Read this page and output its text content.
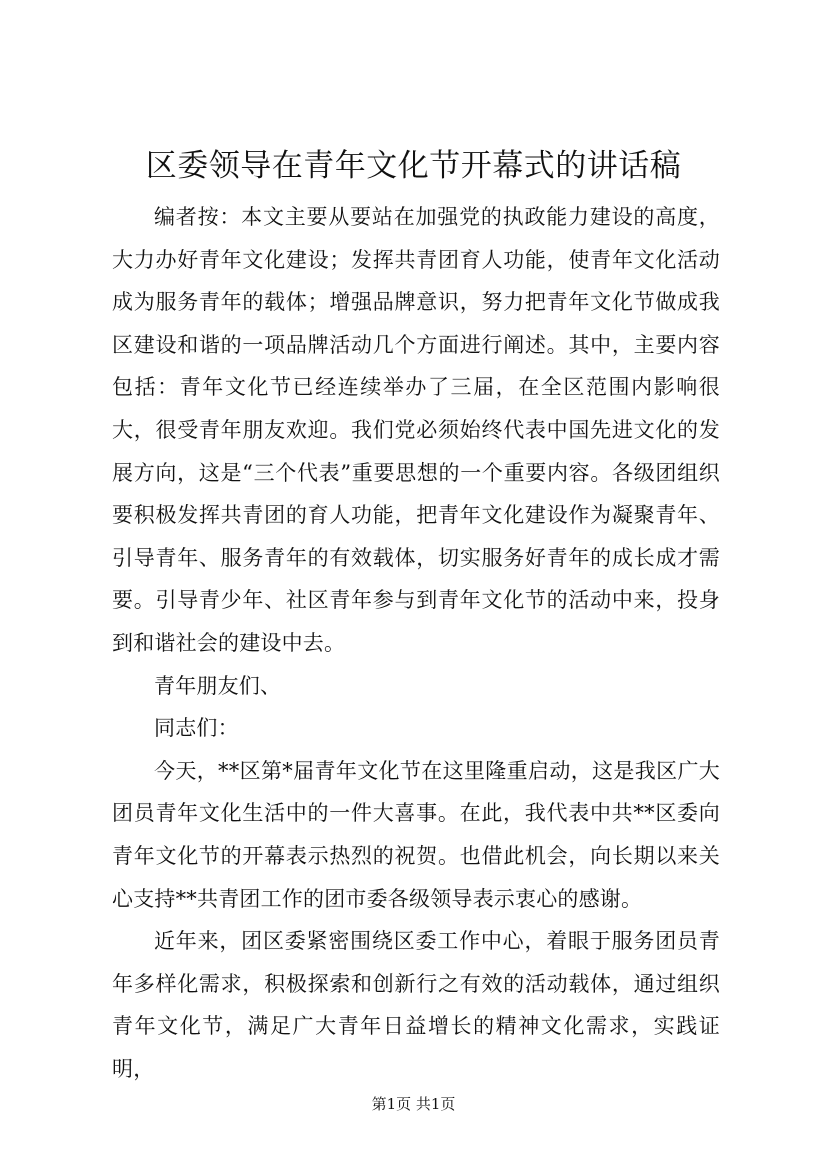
区委领导在青年文化节开幕式的讲话稿

编者按：本文主要从要站在加强党的执政能力建设的高度，大力办好青年文化建设；发挥共青团育人功能，使青年文化活动成为服务青年的载体；增强品牌意识，努力把青年文化节做成我区建设和谐的一项品牌活动几个方面进行阐述。其中，主要内容包括：青年文化节已经连续举办了三届，在全区范围内影响很大，很受青年朋友欢迎。我们党必须始终代表中国先进文化的发展方向，这是“三个代表”重要思想的一个重要内容。各级团组织要积极发挥共青团的育人功能，把青年文化建设作为凝聚青年、引导青年、服务青年的有效载体，切实服务好青年的成长成才需要。引导青少年、社区青年参与到青年文化节的活动中来，投身到和谐社会的建设中去。

青年朋友们、

同志们：

今天，**区第*届青年文化节在这里隆重启动，这是我区广大团员青年文化生活中的一件大喜事。在此，我代表中共**区委向青年文化节的开幕表示热烈的祝贺。也借此机会，向长期以来关心支持**共青团工作的团市委各级领导表示衷心的感谢。

近年来，团区委紧密围绕区委工作中心，着眼于服务团员青年多样化需求，积极探索和创新行之有效的活动载体，通过组织青年文化节，满足广大青年日益增长的精神文化需求，实践证明，

第1页 共1页
